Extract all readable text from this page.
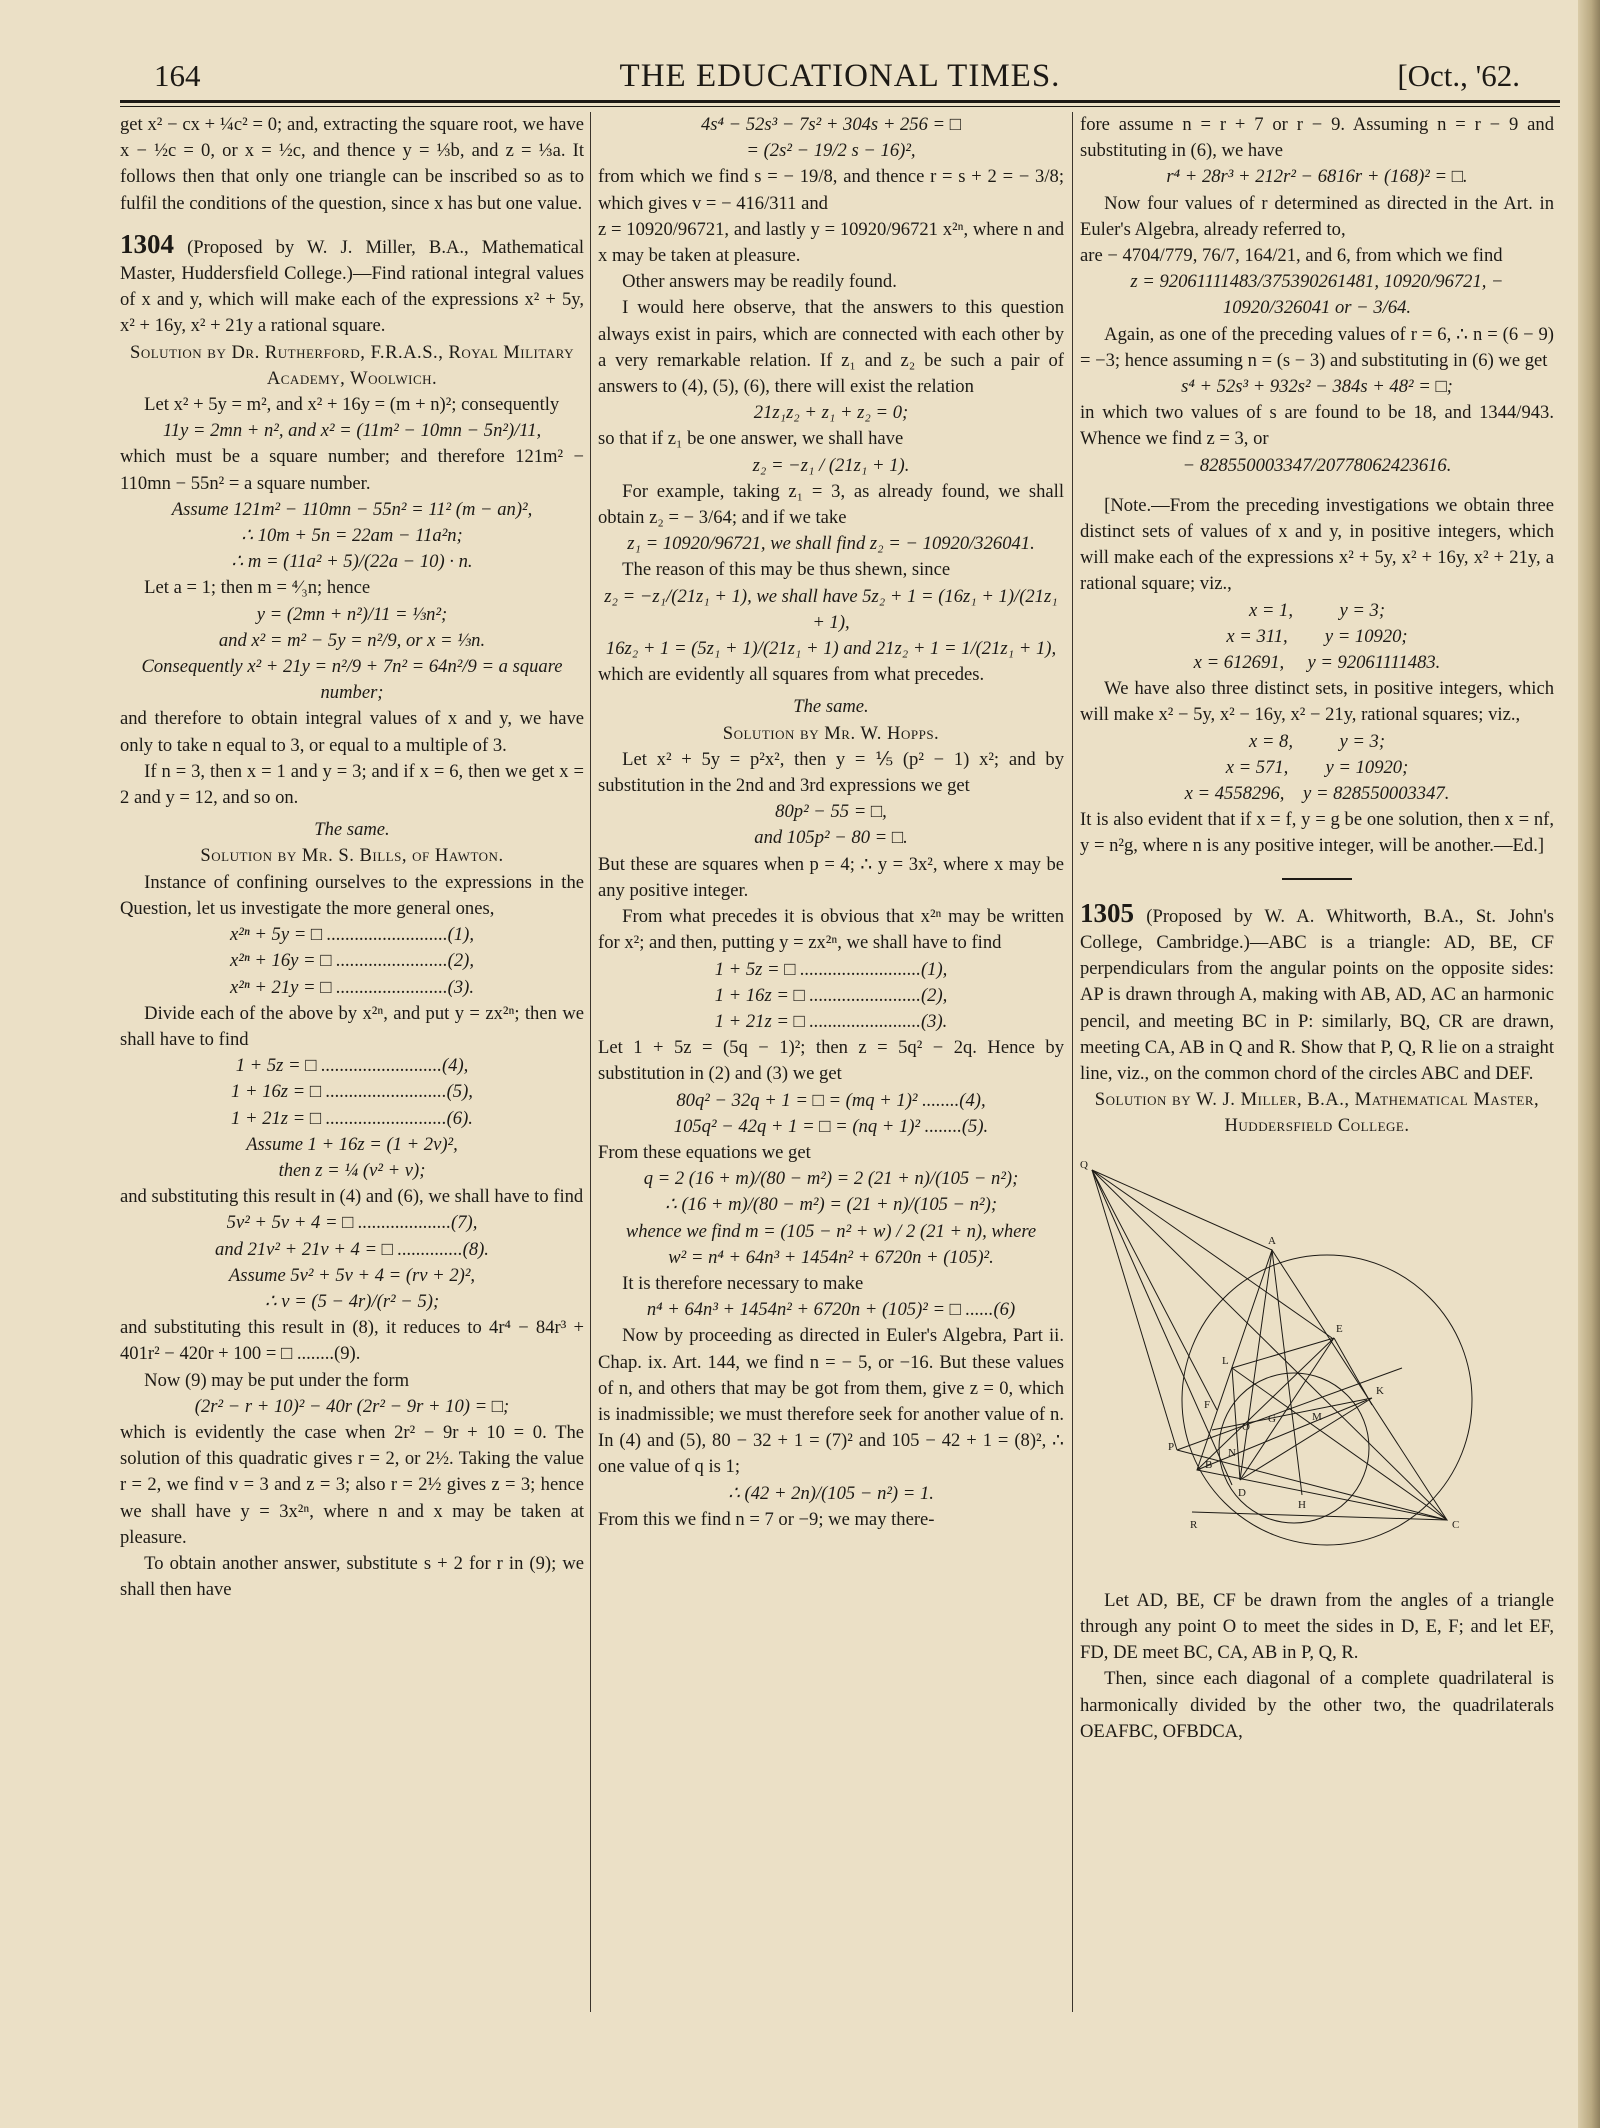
164	THE EDUCATIONAL TIMES.	[Oct., '62.

get x² − cx + ¼c² = 0; and, extracting the square root, we have x − ½c = 0, or x = ½c, and thence y = ⅓b, and z = ⅓a. It follows then that only one triangle can be inscribed so as to fulfil the conditions of the question, since x has but one value.

1304 (Proposed by W. J. Miller, B.A., Mathematical Master, Huddersfield College.)—Find rational integral values of x and y, which will make each of the expressions x² + 5y, x² + 16y, x² + 21y a rational square.

Solution by Dr. Rutherford, F.R.A.S., Royal Military Academy, Woolwich.

Let x² + 5y = m², and x² + 16y = (m + n)²; consequently

11y = 2mn + n², and x² = (11m² − 10mn − 5n²)/11,

which must be a square number; and therefore 121m² − 110mn − 55n² = a square number.

Assume 121m² − 110mn − 55n² = 11² (m − an)²,

∴ 10m + 5n = 22am − 11a²n;

∴ m = (11a² + 5)/(22a − 10) · n.

Let a = 1; then m = ⁴⁄₃n; hence

y = (2mn + n²)/11 = ⅓n²;

and x² = m² − 5y = n²/9, or x = ⅓n.

Consequently x² + 21y = n²/9 + 7n² = 64n²/9 = a square number;

and therefore to obtain integral values of x and y, we have only to take n equal to 3, or equal to a multiple of 3.

If n = 3, then x = 1 and y = 3; and if x = 6, then we get x = 2 and y = 12, and so on.

The same.

Solution by Mr. S. Bills, of Hawton.

Instance of confining ourselves to the expressions in the Question, let us investigate the more general ones,

x²ⁿ + 5y = □ ..........................(1),

x²ⁿ + 16y = □ ........................(2),

x²ⁿ + 21y = □ ........................(3).

Divide each of the above by x²ⁿ, and put y = zx²ⁿ; then we shall have to find

1 + 5z = □ ..........................(4),

1 + 16z = □ ..........................(5),

1 + 21z = □ ..........................(6).

Assume 1 + 16z = (1 + 2v)²,

then z = ¼ (v² + v);

and substituting this result in (4) and (6), we shall have to find

5v² + 5v + 4 = □ ....................(7),

and 21v² + 21v + 4 = □ ..............(8).

Assume 5v² + 5v + 4 = (rv + 2)²,

∴ v = (5 − 4r)/(r² − 5);

and substituting this result in (8), it reduces to 4r⁴ − 84r³ + 401r² − 420r + 100 = □ ........(9).

Now (9) may be put under the form

(2r² − r + 10)² − 40r (2r² − 9r + 10) = □;

which is evidently the case when 2r² − 9r + 10 = 0. The solution of this quadratic gives r = 2, or 2½. Taking the value r = 2, we find v = 3 and z = 3; also r = 2½ gives z = 3; hence we shall have y = 3x²ⁿ, where n and x may be taken at pleasure.

To obtain another answer, substitute s + 2 for r in (9); we shall then have

4s⁴ − 52s³ − 7s² + 304s + 256 = □

= (2s² − 19/2 s − 16)²,

from which we find s = − 19/8, and thence r = s + 2 = − 3/8; which gives v = − 416/311 and

z = 10920/96721, and lastly y = 10920/96721 x²ⁿ, where n and x may be taken at pleasure.

Other answers may be readily found.

I would here observe, that the answers to this question always exist in pairs, which are connected with each other by a very remarkable relation. If z₁ and z₂ be such a pair of answers to (4), (5), (6), there will exist the relation

21z₁z₂ + z₁ + z₂ = 0;

so that if z₁ be one answer, we shall have

z₂ = −z₁ / (21z₁ + 1).

For example, taking z₁ = 3, as already found, we shall obtain z₂ = − 3/64; and if we take

z₁ = 10920/96721, we shall find z₂ = − 10920/326041.

The reason of this may be thus shewn, since

z₂ = −z₁/(21z₁ + 1), we shall have 5z₂ + 1 = (16z₁ + 1)/(21z₁ + 1),

16z₂ + 1 = (5z₁ + 1)/(21z₁ + 1) and 21z₂ + 1 = 1/(21z₁ + 1),

which are evidently all squares from what precedes.

The same.

Solution by Mr. W. Hopps.

Let x² + 5y = p²x², then y = ⅕ (p² − 1) x²; and by substitution in the 2nd and 3rd expressions we get

80p² − 55 = □,

and 105p² − 80 = □.

But these are squares when p = 4; ∴ y = 3x², where x may be any positive integer.

From what precedes it is obvious that x²ⁿ may be written for x²; and then, putting y = zx²ⁿ, we shall have to find

1 + 5z = □ ..........................(1),

1 + 16z = □ ........................(2),

1 + 21z = □ ........................(3).

Let 1 + 5z = (5q − 1)²; then z = 5q² − 2q. Hence by substitution in (2) and (3) we get

80q² − 32q + 1 = □ = (mq + 1)² ........(4),

105q² − 42q + 1 = □ = (nq + 1)² ........(5).

From these equations we get

q = 2 (16 + m)/(80 − m²) = 2 (21 + n)/(105 − n²);

∴ (16 + m)/(80 − m²) = (21 + n)/(105 − n²);

whence we find m = (105 − n² + w) / 2 (21 + n), where

w² = n⁴ + 64n³ + 1454n² + 6720n + (105)².

It is therefore necessary to make

n⁴ + 64n³ + 1454n² + 6720n + (105)² = □ ......(6)

Now by proceeding as directed in Euler's Algebra, Part ii. Chap. ix. Art. 144, we find n = − 5, or −16. But these values of n, and others that may be got from them, give z = 0, which is inadmissible; we must therefore seek for another value of n. In (4) and (5), 80 − 32 + 1 = (7)² and 105 − 42 + 1 = (8)², ∴ one value of q is 1;

∴ (42 + 2n)/(105 − n²) = 1.

From this we find n = 7 or −9; we may there-

fore assume n = r + 7 or r − 9. Assuming n = r − 9 and substituting in (6), we have

r⁴ + 28r³ + 212r² − 6816r + (168)² = □.

Now four values of r determined as directed in the Art. in Euler's Algebra, already referred to,

are − 4704/779, 76/7, 164/21, and 6, from which we find

z = 92061111483/375390261481, 10920/96721, − 10920/326041 or − 3/64.

Again, as one of the preceding values of r = 6, ∴ n = (6 − 9) = −3; hence assuming n = (s − 3) and substituting in (6) we get

s⁴ + 52s³ + 932s² − 384s + 48² = □;

in which two values of s are found to be 18, and 1344/943. Whence we find z = 3, or

− 828550003347/20778062423616.

[Note.—From the preceding investigations we obtain three distinct sets of values of x and y, in positive integers, which will make each of the expressions x² + 5y, x² + 16y, x² + 21y, a rational square; viz.,

x = 1,          y = 3;

x = 311,        y = 10920;

x = 612691,     y = 92061111483.

We have also three distinct sets, in positive integers, which will make x² − 5y, x² − 16y, x² − 21y, rational squares; viz.,

x = 8,          y = 3;

x = 571,        y = 10920;

x = 4558296,    y = 828550003347.

It is also evident that if x = f, y = g be one solution, then x = nf, y = n²g, where n is any positive integer, will be another.—Ed.]

1305 (Proposed by W. A. Whitworth, B.A., St. John's College, Cambridge.)—ABC is a triangle: AD, BE, CF perpendiculars from the angular points on the opposite sides: AP is drawn through A, making with AB, AD, AC an harmonic pencil, and meeting BC in P: similarly, BQ, CR are drawn, meeting CA, AB in Q and R. Show that P, Q, R lie on a straight line, viz., on the common chord of the circles ABC and DEF.

Solution by W. J. Miller, B.A., Mathematical Master, Huddersfield College.

Q
A
E
L
K
F
M
O
G
P
B
D
N
H
R	C

Let AD, BE, CF be drawn from the angles of a triangle through any point O to meet the sides in D, E, F; and let EF, FD, DE meet BC, CA, AB in P, Q, R.

Then, since each diagonal of a complete quadrilateral is harmonically divided by the other two, the quadrilaterals OEAFBC, OFBDCA,
